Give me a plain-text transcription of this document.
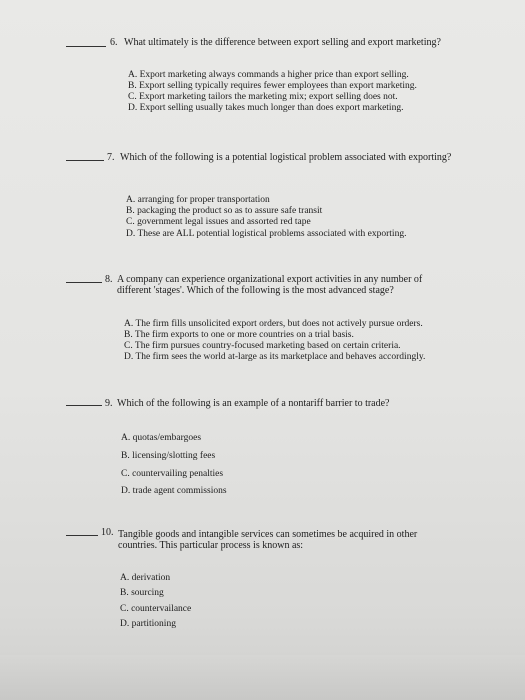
6. What ultimately is the difference between export selling and export marketing?
A. Export marketing always commands a higher price than export selling.
B. Export selling typically requires fewer employees than export marketing.
C. Export marketing tailors the marketing mix; export selling does not.
D. Export selling usually takes much longer than does export marketing.
7. Which of the following is a potential logistical problem associated with exporting?
A. arranging for proper transportation
B. packaging the product so as to assure safe transit
C. government legal issues and assorted red tape
D. These are ALL potential logistical problems associated with exporting.
8. A company can experience organizational export activities in any number of
different 'stages'. Which of the following is the most advanced stage?
A. The firm fills unsolicited export orders, but does not actively pursue orders.
B. The firm exports to one or more countries on a trial basis.
C. The firm pursues country-focused marketing based on certain criteria.
D. The firm sees the world at-large as its marketplace and behaves accordingly.
9. Which of the following is an example of a nontariff barrier to trade?
A. quotas/embargoes
B. licensing/slotting fees
C. countervailing penalties
D. trade agent commissions
10. Tangible goods and intangible services can sometimes be acquired in other
countries. This particular process is known as:
A. derivation
B. sourcing
C. countervailance
D. partitioning
